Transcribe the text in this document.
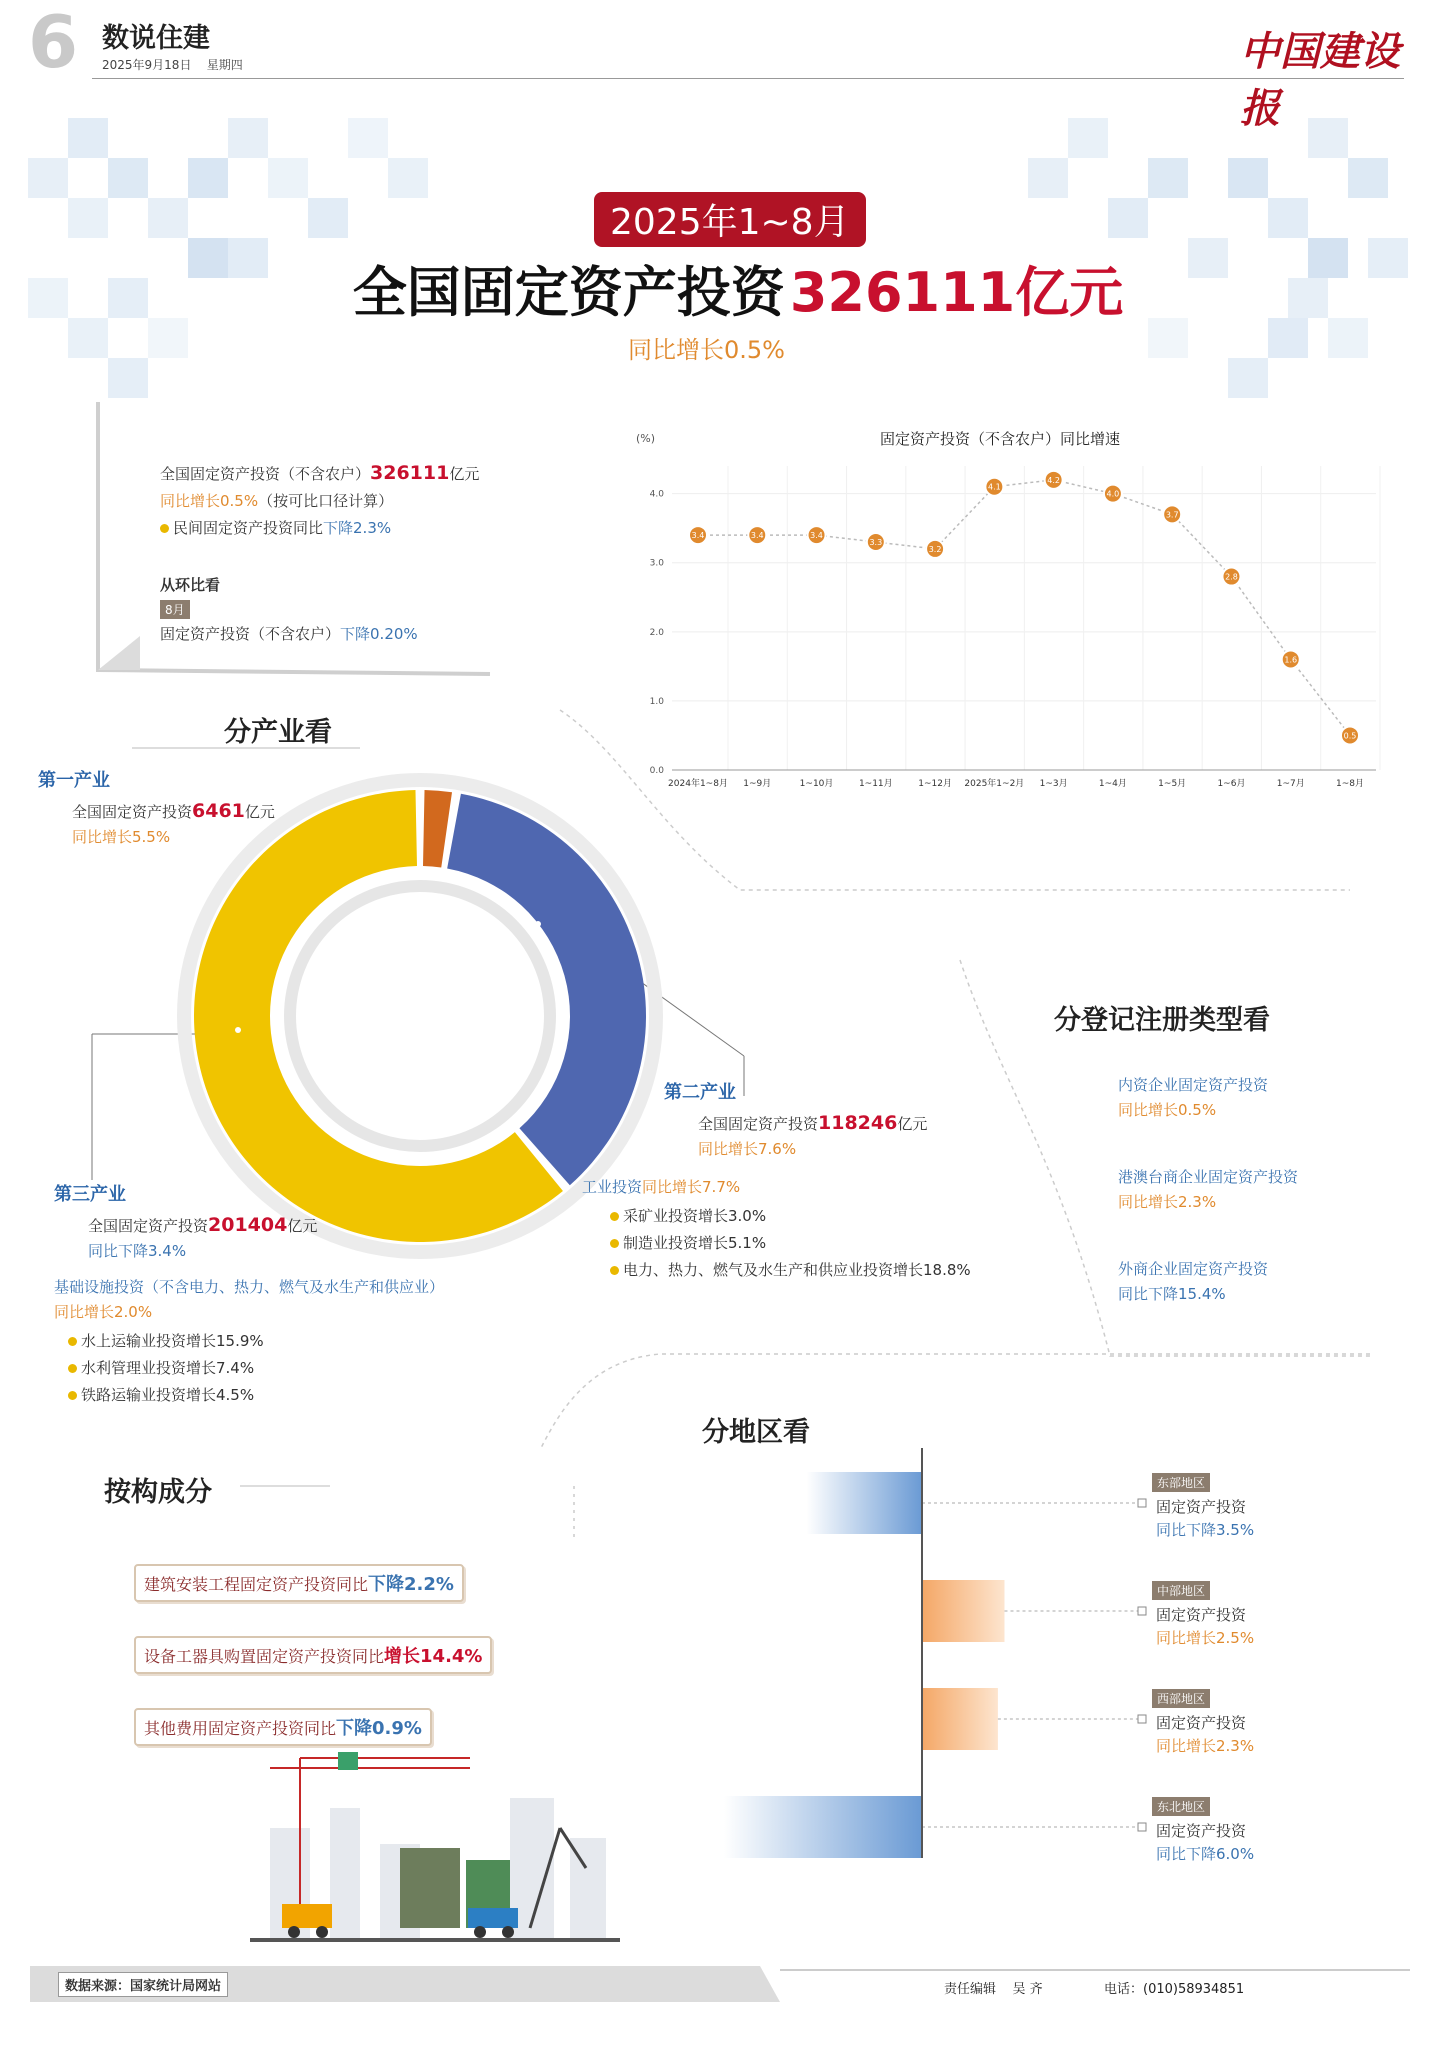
6 数说住建
2025年9月18日 星期四	中国建设报
2025年1~8月
全国固定资产投资 326111亿元
同比增长0.5%
全国固定资产投资（不含农户）326111亿元
同比增长0.5%（按可比口径计算）
民间固定资产投资同比下降2.3%
从环比看
8月
固定资产投资（不含农户）下降0.20%
固定资产投资（不含农户）同比增速
(%)
0.0
1.0
2.0
3.0
4.0
2024年1~8月 1~9月	1~10月	1~11月	1~12月 2025年1~2月 1~3月	1~4月	1~5月	1~6月	1~7月	1~8月
3.4	3.4	3.4
3.3
3.2
4.1
4.2
4.0
3.7
2.8
1.6
0.5
分产业看
第一产业
全国固定资产投资6461亿元
同比增长5.5%
第二产业
全国固定资产投资118246亿元
同比增长7.6%
工业投资同比增长7.7%
采矿业投资增长3.0%
制造业投资增长5.1%
电力、热力、燃气及水生产和供应业投资增长18.8%
第三产业
全国固定资产投资201404亿元
同比下降3.4%
基础设施投资（不含电力、热力、燃气及水生产和供应业）
同比增长2.0%
水上运输业投资增长15.9%
水利管理业投资增长7.4%
铁路运输业投资增长4.5%
分登记注册类型看
内资企业固定资产投资
同比增长0.5%
港澳台商企业固定资产投资
同比增长2.3%
外商企业固定资产投资
同比下降15.4%
按构成分
建筑安装工程固定资产投资同比下降2.2%
设备工器具购置固定资产投资同比增长14.4%
其他费用固定资产投资同比下降0.9%
分地区看
东部地区
固定资产投资
同比下降3.5%
中部地区
固定资产投资
同比增长2.5%
西部地区
固定资产投资
同比增长2.3%
东北地区
固定资产投资
同比下降6.0%
数据来源：国家统计局网站	责任编辑 吴 齐	电话：(010)58934851
